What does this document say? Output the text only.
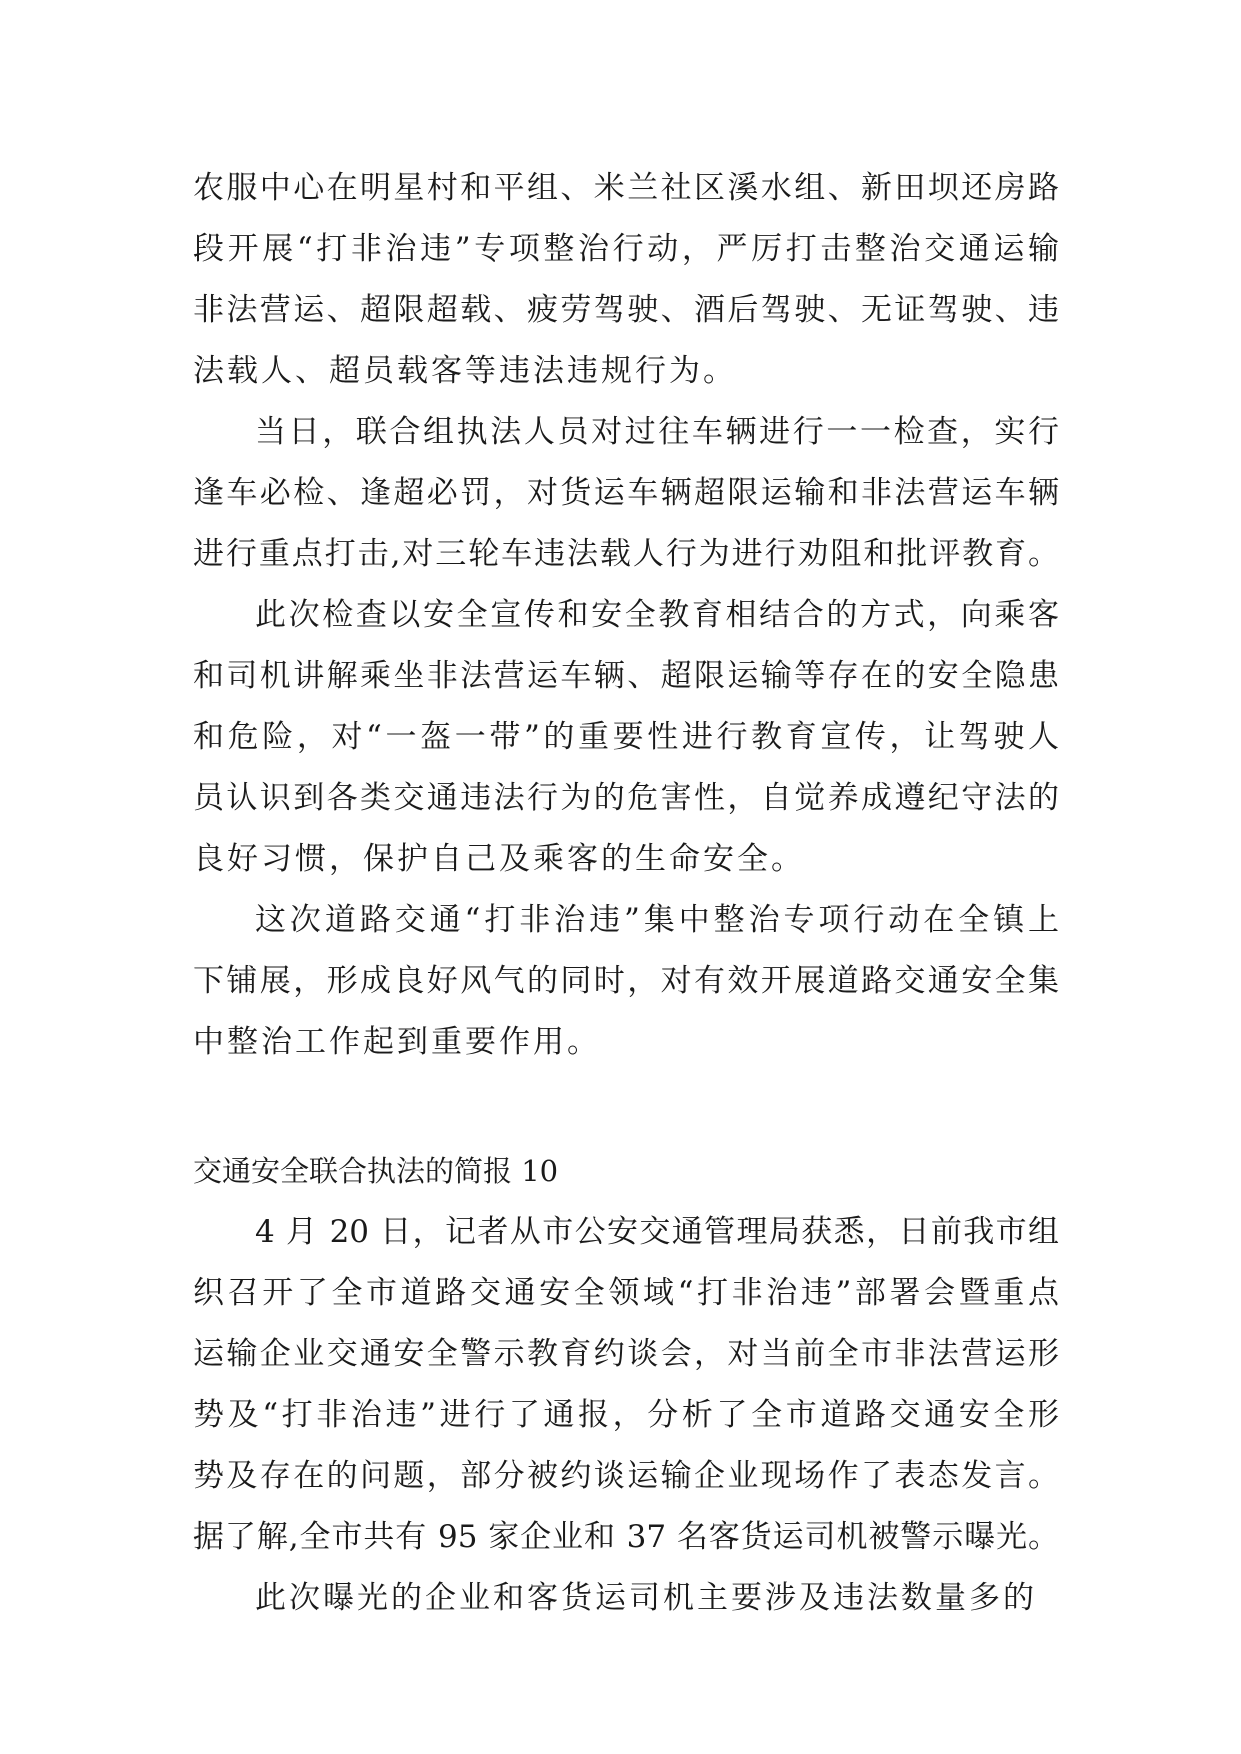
农服中心在明星村和平组、米兰社区溪水组、新田坝还房路
段开展“打非治违”专项整治行动，严厉打击整治交通运输
非法营运、超限超载、疲劳驾驶、酒后驾驶、无证驾驶、违
法载人、超员载客等违法违规行为。
当日，联合组执法人员对过往车辆进行一一检查，实行
逢车必检、逢超必罚，对货运车辆超限运输和非法营运车辆
进行重点打击,对三轮车违法载人行为进行劝阻和批评教育。
此次检查以安全宣传和安全教育相结合的方式，向乘客
和司机讲解乘坐非法营运车辆、超限运输等存在的安全隐患
和危险，对“一盔一带”的重要性进行教育宣传，让驾驶人
员认识到各类交通违法行为的危害性，自觉养成遵纪守法的
良好习惯，保护自己及乘客的生命安全。
这次道路交通“打非治违”集中整治专项行动在全镇上
下铺展，形成良好风气的同时，对有效开展道路交通安全集
中整治工作起到重要作用。
交通安全联合执法的简报 10
4 月 20 日，记者从市公安交通管理局获悉，日前我市组
织召开了全市道路交通安全领域“打非治违”部署会暨重点
运输企业交通安全警示教育约谈会，对当前全市非法营运形
势及“打非治违”进行了通报，分析了全市道路交通安全形
势及存在的问题，部分被约谈运输企业现场作了表态发言。
据了解,全市共有 95 家企业和 37 名客货运司机被警示曝光。
此次曝光的企业和客货运司机主要涉及违法数量多的
